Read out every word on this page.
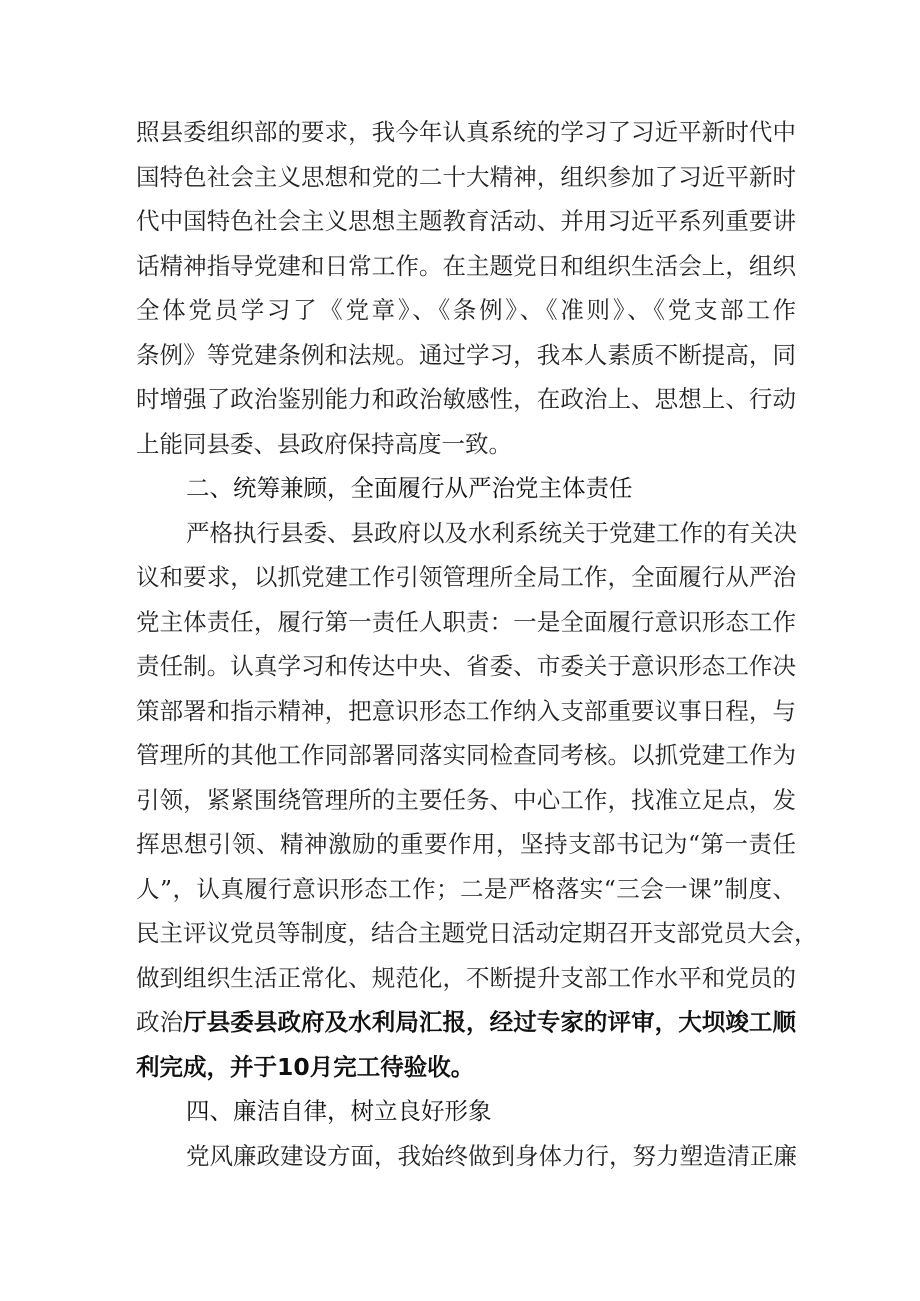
照县委组织部的要求，我今年认真系统的学习了习近平新时代中
国特色社会主义思想和党的二十大精神，组织参加了习近平新时
代中国特色社会主义思想主题教育活动、并用习近平系列重要讲
话精神指导党建和日常工作。在主题党日和组织生活会上，组织
全体党员学习了《党章》、《条例》、《准则》、《党支部工作
条例》等党建条例和法规。通过学习，我本人素质不断提高，同
时增强了政治鉴别能力和政治敏感性，在政治上、思想上、行动
上能同县委、县政府保持高度一致。
二、统筹兼顾，全面履行从严治党主体责任
严格执行县委、县政府以及水利系统关于党建工作的有关决
议和要求，以抓党建工作引领管理所全局工作，全面履行从严治
党主体责任，履行第一责任人职责：一是全面履行意识形态工作
责任制。认真学习和传达中央、省委、市委关于意识形态工作决
策部署和指示精神，把意识形态工作纳入支部重要议事日程，与
管理所的其他工作同部署同落实同检查同考核。以抓党建工作为
引领，紧紧围绕管理所的主要任务、中心工作，找准立足点，发
挥思想引领、精神激励的重要作用，坚持支部书记为“第一责任
人”，认真履行意识形态工作；二是严格落实“三会一课”制度、
民主评议党员等制度，结合主题党日活动定期召开支部党员大会，
做到组织生活正常化、规范化，不断提升支部工作水平和党员的
政治厅县委县政府及水利局汇报，经过专家的评审，大坝竣工顺
利完成，并于10月完工待验收。
四、廉洁自律，树立良好形象
党风廉政建设方面，我始终做到身体力行，努力塑造清正廉
